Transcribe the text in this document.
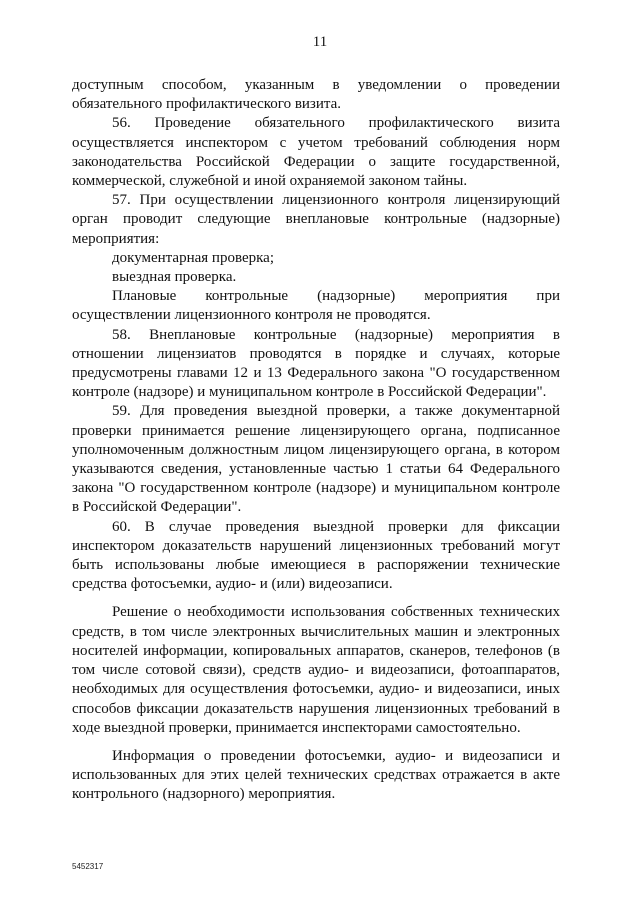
11

доступным способом, указанным в уведомлении о проведении обязательного профилактического визита.

56. Проведение обязательного профилактического визита осуществляется инспектором с учетом требований соблюдения норм законодательства Российской Федерации о защите государственной, коммерческой, служебной и иной охраняемой законом тайны.

57. При осуществлении лицензионного контроля лицензирующий орган проводит следующие внеплановые контрольные (надзорные) мероприятия:

документарная проверка;

выездная проверка.

Плановые контрольные (надзорные) мероприятия при осуществлении лицензионного контроля не проводятся.

58. Внеплановые контрольные (надзорные) мероприятия в отношении лицензиатов проводятся в порядке и случаях, которые предусмотрены главами 12 и 13 Федерального закона "О государственном контроле (надзоре) и муниципальном контроле в Российской Федерации".

59. Для проведения выездной проверки, а также документарной проверки принимается решение лицензирующего органа, подписанное уполномоченным должностным лицом лицензирующего органа, в котором указываются сведения, установленные частью 1 статьи 64 Федерального закона "О государственном контроле (надзоре) и муниципальном контроле в Российской Федерации".

60. В случае проведения выездной проверки для фиксации инспектором доказательств нарушений лицензионных требований могут быть использованы любые имеющиеся в распоряжении технические средства фотосъемки, аудио- и (или) видеозаписи.

Решение о необходимости использования собственных технических средств, в том числе электронных вычислительных машин и электронных носителей информации, копировальных аппаратов, сканеров, телефонов (в том числе сотовой связи), средств аудио- и видеозаписи, фотоаппаратов, необходимых для осуществления фотосъемки, аудио- и видеозаписи, иных способов фиксации доказательств нарушения лицензионных требований в ходе выездной проверки, принимается инспекторами самостоятельно.

Информация о проведении фотосъемки, аудио- и видеозаписи и использованных для этих целей технических средствах отражается в акте контрольного (надзорного) мероприятия.

5452317
